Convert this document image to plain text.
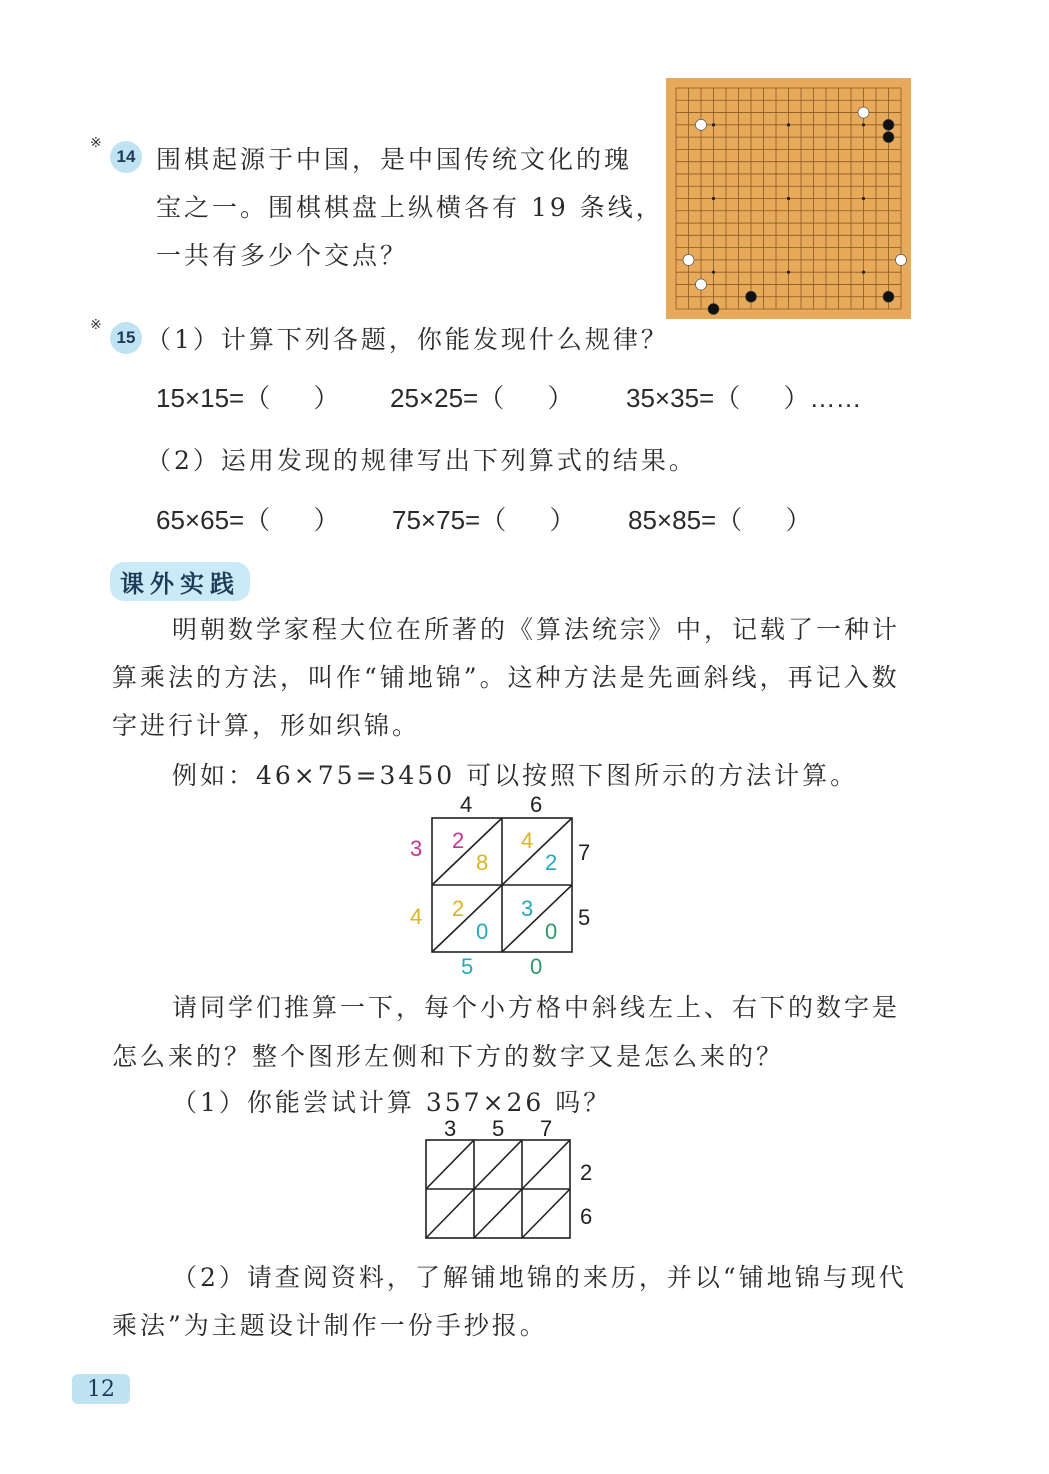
※
14 围棋起源于中国，是中国传统文化的瑰
宝之一。围棋棋盘上纵横各有 19 条线，
一共有多少个交点？
※
15 （1）计算下列各题，你能发现什么规律？
15×15=（      ） 25×25=（      ） 35×35=（      ）……
（2）运用发现的规律写出下列算式的结果。
65×65=（      ） 75×75=（      ） 85×85=（      ）
课外实践
明朝数学家程大位在所著的《算法统宗》中，记载了一种计
算乘法的方法，叫作“铺地锦”。这种方法是先画斜线，再记入数
字进行计算，形如织锦。
例如：46×75=3450 可以按照下图所示的方法计算。
4	6
7
5
3
4
5	0
2
8
4
2
2
0
3
0
请同学们推算一下，每个小方格中斜线左上、右下的数字是
怎么来的？整个图形左侧和下方的数字又是怎么来的？
（1）你能尝试计算 357×26 吗？
3 5 7
2
6
（2）请查阅资料，了解铺地锦的来历，并以“铺地锦与现代
乘法”为主题设计制作一份手抄报。
12
